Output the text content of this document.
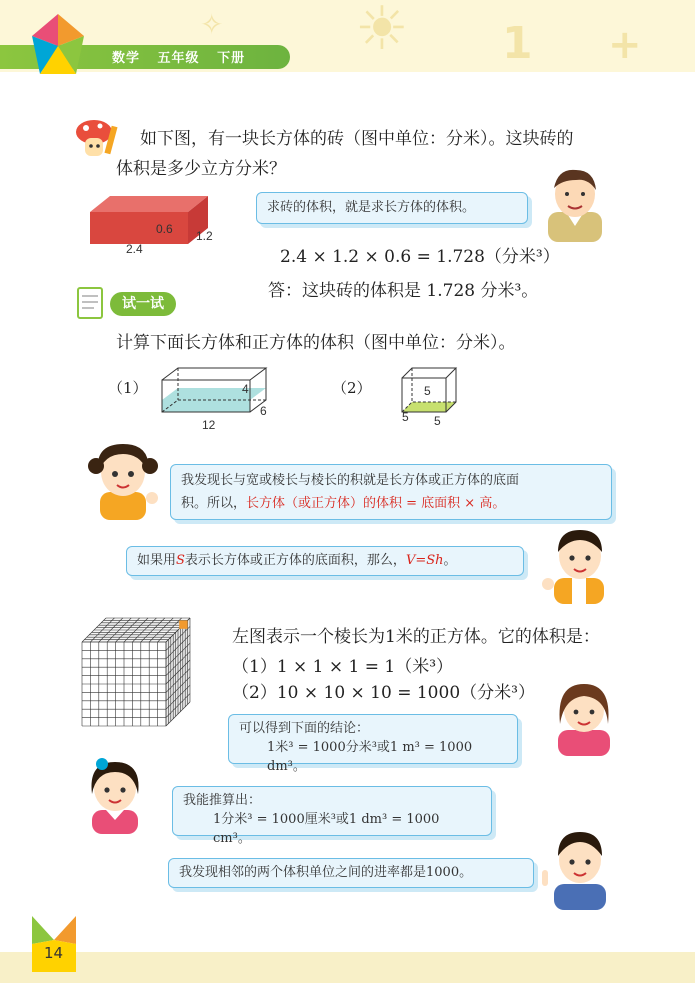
☀
✧	1 +
数学 五年级 下册
如下图，有一块长方体的砖（图中单位：分米）。这块砖的
体积是多少立方分米？
0.6 1.2
2.4
求砖的体积，就是求长方体的体积。
2.4 × 1.2 × 0.6 = 1.728（分米³）
答：这块砖的体积是 1.728 分米³。
试一试
计算下面长方体和正方体的体积（图中单位：分米）。
（1）	4
6
12
（2）	5
5 5
我发现长与宽或棱长与棱长的积就是长方体或正方体的底面
积。所以，长方体（或正方体）的体积 = 底面积 × 高。
如果用S表示长方体或正方体的底面积，那么，V=Sh。
左图表示一个棱长为1米的正方体。它的体积是：
（1）1 × 1 × 1 = 1（米³）
（2）10 × 10 × 10 = 1000（分米³）
可以得到下面的结论：
1米³ = 1000分米³或1 m³ = 1000 dm³。
我能推算出：
1分米³ = 1000厘米³或1 dm³ = 1000 cm³。
我发现相邻的两个体积单位之间的进率都是1000。
14
